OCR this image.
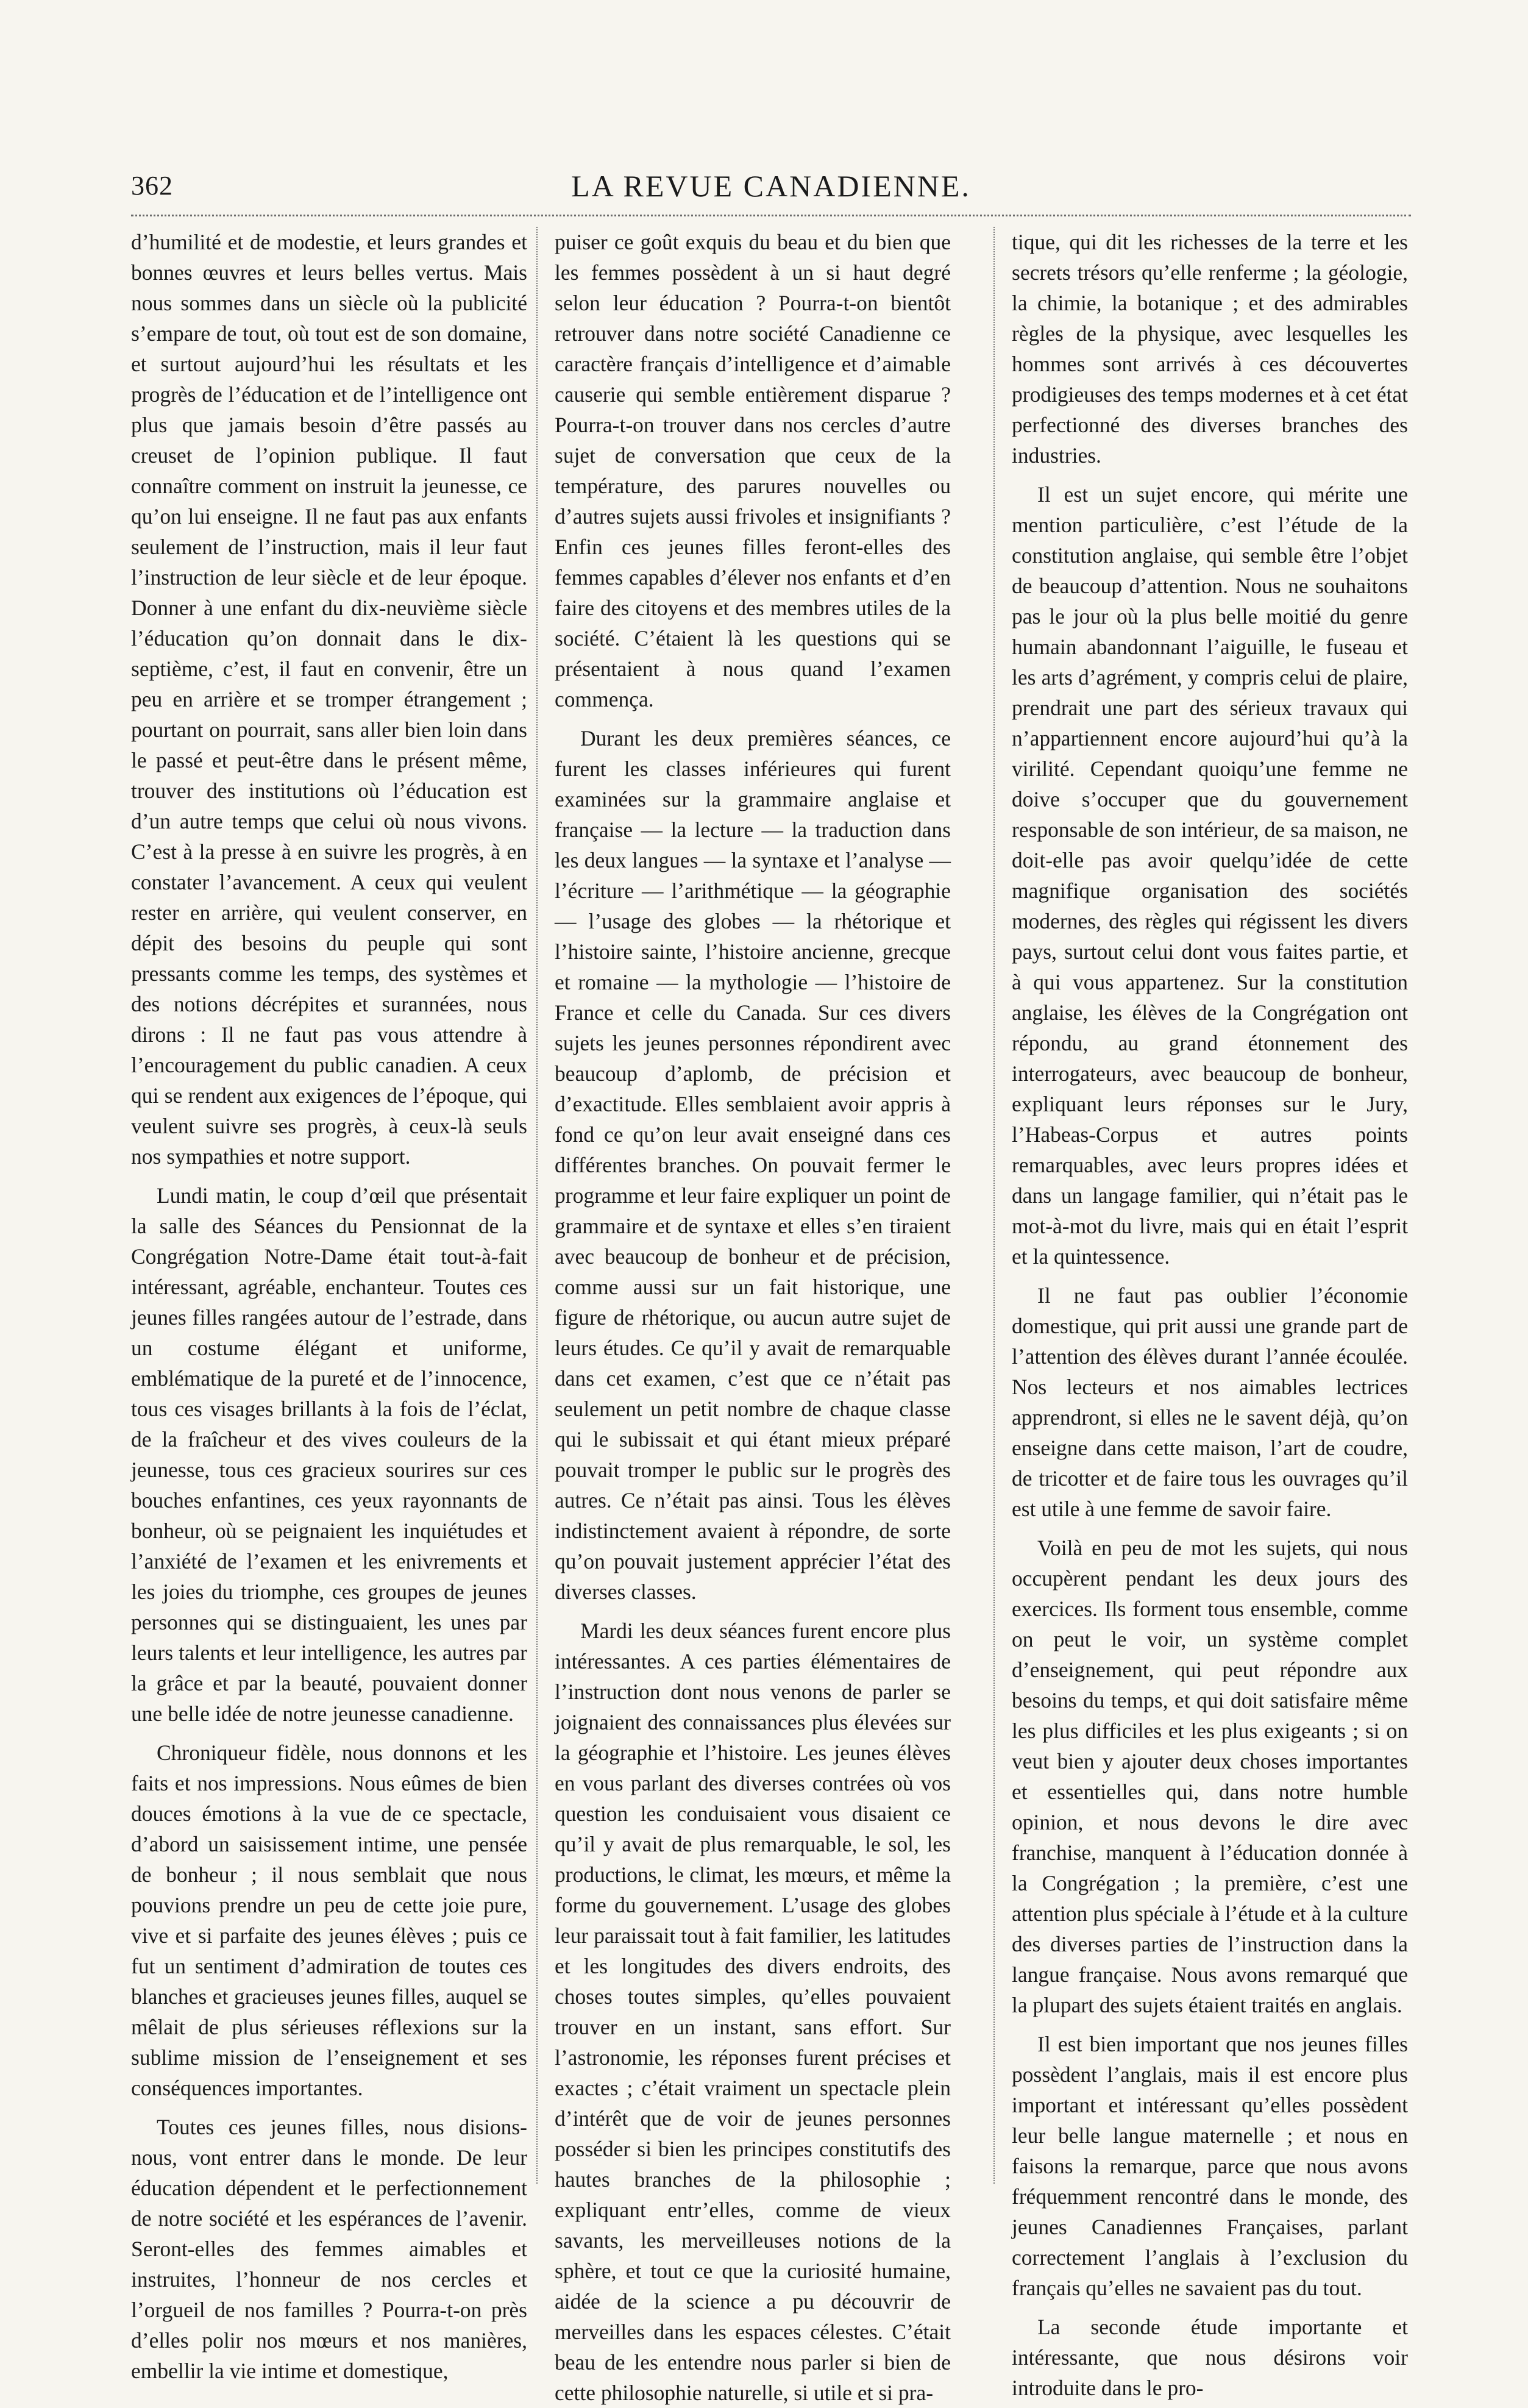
362	LA REVUE CANADIENNE.

d’humilité et de modestie, et leurs grandes et bonnes œuvres et leurs belles vertus. Mais nous sommes dans un siècle où la publicité s’empare de tout, où tout est de son domaine, et surtout aujourd’hui les résultats et les progrès de l’éducation et de l’intelligence ont plus que jamais besoin d’être passés au creuset de l’opinion publique. Il faut connaître comment on instruit la jeunesse, ce qu’on lui enseigne. Il ne faut pas aux enfants seulement de l’instruction, mais il leur faut l’instruction de leur siècle et de leur époque. Donner à une enfant du dix-neuvième siècle l’éducation qu’on donnait dans le dix-septième, c’est, il faut en convenir, être un peu en arrière et se tromper étrangement ; pourtant on pourrait, sans aller bien loin dans le passé et peut-être dans le présent même, trouver des institutions où l’éducation est d’un autre temps que celui où nous vivons. C’est à la presse à en suivre les progrès, à en constater l’avancement. A ceux qui veulent rester en arrière, qui veulent conserver, en dépit des besoins du peuple qui sont pressants comme les temps, des systèmes et des notions décrépites et surannées, nous dirons : Il ne faut pas vous attendre à l’encouragement du public canadien. A ceux qui se rendent aux exigences de l’époque, qui veulent suivre ses progrès, à ceux-là seuls nos sympathies et notre support.

Lundi matin, le coup d’œil que présentait la salle des Séances du Pensionnat de la Congrégation Notre-Dame était tout-à-fait intéressant, agréable, enchanteur. Toutes ces jeunes filles rangées autour de l’estrade, dans un costume élégant et uniforme, emblématique de la pureté et de l’innocence, tous ces visages brillants à la fois de l’éclat, de la fraîcheur et des vives couleurs de la jeunesse, tous ces gracieux sourires sur ces bouches enfantines, ces yeux rayonnants de bonheur, où se peignaient les inquiétudes et l’anxiété de l’examen et les enivrements et les joies du triomphe, ces groupes de jeunes personnes qui se distinguaient, les unes par leurs talents et leur intelligence, les autres par la grâce et par la beauté, pouvaient donner une belle idée de notre jeunesse canadienne.

Chroniqueur fidèle, nous donnons et les faits et nos impressions. Nous eûmes de bien douces émotions à la vue de ce spectacle, d’abord un saisissement intime, une pensée de bonheur ; il nous semblait que nous pouvions prendre un peu de cette joie pure, vive et si parfaite des jeunes élèves ; puis ce fut un sentiment d’admiration de toutes ces blanches et gracieuses jeunes filles, auquel se mêlait de plus sérieuses réflexions sur la sublime mission de l’enseignement et ses conséquences importantes.

Toutes ces jeunes filles, nous disions-nous, vont entrer dans le monde. De leur éducation dépendent et le perfectionnement de notre société et les espérances de l’avenir. Seront-elles des femmes aimables et instruites, l’honneur de nos cercles et l’orgueil de nos familles ? Pourra-t-on près d’elles polir nos mœurs et nos manières, embellir la vie intime et domestique,

puiser ce goût exquis du beau et du bien que les femmes possèdent à un si haut degré selon leur éducation ? Pourra-t-on bientôt retrouver dans notre société Canadienne ce caractère français d’intelligence et d’aimable causerie qui semble entièrement disparue ? Pourra-t-on trouver dans nos cercles d’autre sujet de conversation que ceux de la température, des parures nouvelles ou d’autres sujets aussi frivoles et insignifiants ? Enfin ces jeunes filles feront-elles des femmes capables d’élever nos enfants et d’en faire des citoyens et des membres utiles de la société. C’étaient là les questions qui se présentaient à nous quand l’examen commença.

Durant les deux premières séances, ce furent les classes inférieures qui furent examinées sur la grammaire anglaise et française — la lecture — la traduction dans les deux langues — la syntaxe et l’analyse — l’écriture — l’arithmétique — la géographie — l’usage des globes — la rhétorique et l’histoire sainte, l’histoire ancienne, grecque et romaine — la mythologie — l’histoire de France et celle du Canada. Sur ces divers sujets les jeunes personnes répondirent avec beaucoup d’aplomb, de précision et d’exactitude. Elles semblaient avoir appris à fond ce qu’on leur avait enseigné dans ces différentes branches. On pouvait fermer le programme et leur faire expliquer un point de grammaire et de syntaxe et elles s’en tiraient avec beaucoup de bonheur et de précision, comme aussi sur un fait historique, une figure de rhétorique, ou aucun autre sujet de leurs études. Ce qu’il y avait de remarquable dans cet examen, c’est que ce n’était pas seulement un petit nombre de chaque classe qui le subissait et qui étant mieux préparé pouvait tromper le public sur le progrès des autres. Ce n’était pas ainsi. Tous les élèves indistinctement avaient à répondre, de sorte qu’on pouvait justement apprécier l’état des diverses classes.

Mardi les deux séances furent encore plus intéressantes. A ces parties élémentaires de l’instruction dont nous venons de parler se joignaient des connaissances plus élevées sur la géographie et l’histoire. Les jeunes élèves en vous parlant des diverses contrées où vos question les conduisaient vous disaient ce qu’il y avait de plus remarquable, le sol, les productions, le climat, les mœurs, et même la forme du gouvernement. L’usage des globes leur paraissait tout à fait familier, les latitudes et les longitudes des divers endroits, des choses toutes simples, qu’elles pouvaient trouver en un instant, sans effort. Sur l’astronomie, les réponses furent précises et exactes ; c’était vraiment un spectacle plein d’intérêt que de voir de jeunes personnes posséder si bien les principes constitutifs des hautes branches de la philosophie ; expliquant entr’elles, comme de vieux savants, les merveilleuses notions de la sphère, et tout ce que la curiosité humaine, aidée de la science a pu découvrir de merveilles dans les espaces célestes. C’était beau de les entendre nous parler si bien de cette philosophie naturelle, si utile et si pra-

tique, qui dit les richesses de la terre et les secrets trésors qu’elle renferme ; la géologie, la chimie, la botanique ; et des admirables règles de la physique, avec lesquelles les hommes sont arrivés à ces découvertes prodigieuses des temps modernes et à cet état perfectionné des diverses branches des industries.

Il est un sujet encore, qui mérite une mention particulière, c’est l’étude de la constitution anglaise, qui semble être l’objet de beaucoup d’attention. Nous ne souhaitons pas le jour où la plus belle moitié du genre humain abandonnant l’aiguille, le fuseau et les arts d’agrément, y compris celui de plaire, prendrait une part des sérieux travaux qui n’appartiennent encore aujourd’hui qu’à la virilité. Cependant quoiqu’une femme ne doive s’occuper que du gouvernement responsable de son intérieur, de sa maison, ne doit-elle pas avoir quelqu’idée de cette magnifique organisation des sociétés modernes, des règles qui régissent les divers pays, surtout celui dont vous faites partie, et à qui vous appartenez. Sur la constitution anglaise, les élèves de la Congrégation ont répondu, au grand étonnement des interrogateurs, avec beaucoup de bonheur, expliquant leurs réponses sur le Jury, l’Habeas-Corpus et autres points remarquables, avec leurs propres idées et dans un langage familier, qui n’était pas le mot-à-mot du livre, mais qui en était l’esprit et la quintessence.

Il ne faut pas oublier l’économie domestique, qui prit aussi une grande part de l’attention des élèves durant l’année écoulée. Nos lecteurs et nos aimables lectrices apprendront, si elles ne le savent déjà, qu’on enseigne dans cette maison, l’art de coudre, de tricotter et de faire tous les ouvrages qu’il est utile à une femme de savoir faire.

Voilà en peu de mot les sujets, qui nous occupèrent pendant les deux jours des exercices. Ils forment tous ensemble, comme on peut le voir, un système complet d’enseignement, qui peut répondre aux besoins du temps, et qui doit satisfaire même les plus difficiles et les plus exigeants ; si on veut bien y ajouter deux choses importantes et essentielles qui, dans notre humble opinion, et nous devons le dire avec franchise, manquent à l’éducation donnée à la Congrégation ; la première, c’est une attention plus spéciale à l’étude et à la culture des diverses parties de l’instruction dans la langue française. Nous avons remarqué que la plupart des sujets étaient traités en anglais.

Il est bien important que nos jeunes filles possèdent l’anglais, mais il est encore plus important et intéressant qu’elles possèdent leur belle langue maternelle ; et nous en faisons la remarque, parce que nous avons fréquemment rencontré dans le monde, des jeunes Canadiennes Françaises, parlant correctement l’anglais à l’exclusion du français qu’elles ne savaient pas du tout.

La seconde étude importante et intéressante, que nous désirons voir introduite dans le pro-
